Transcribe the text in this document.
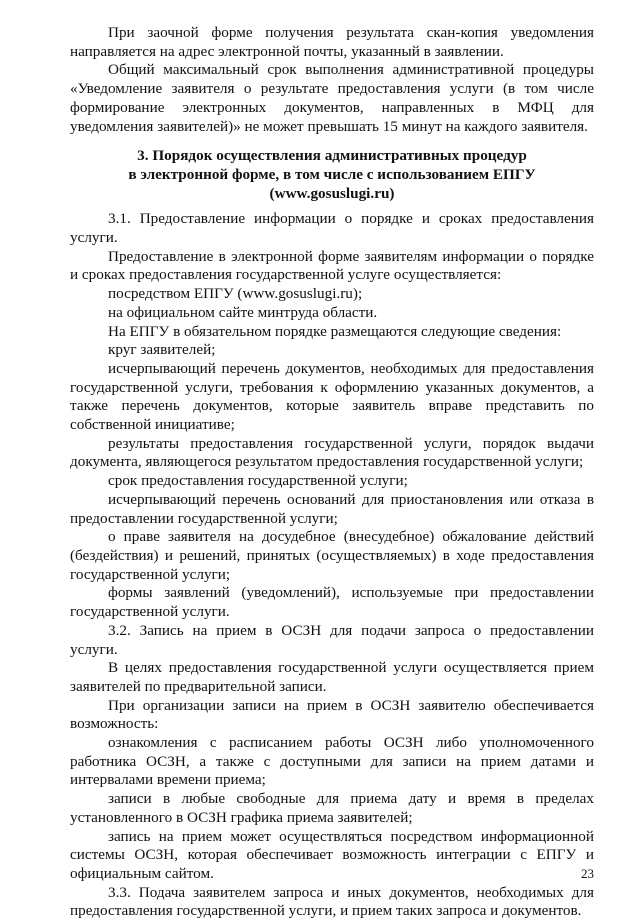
При заочной форме получения результата скан-копия уведомления направляется на адрес электронной почты, указанный в заявлении.

Общий максимальный срок выполнения административной процедуры «Уведомление заявителя о результате предоставления услуги (в том числе формирование электронных документов, направленных в МФЦ для уведомления заявителей)» не может превышать 15 минут на каждого заявителя.

3. Порядок осуществления административных процедур
в электронной форме, в том числе с использованием ЕПГУ
(www.gosuslugi.ru)

3.1. Предоставление информации о порядке и сроках предоставления услуги.

Предоставление в электронной форме заявителям информации о порядке и сроках предоставления государственной услуге осуществляется:

посредством ЕПГУ (www.gosuslugi.ru);

на официальном сайте минтруда области.

На ЕПГУ в обязательном порядке размещаются следующие сведения:

круг заявителей;

исчерпывающий перечень документов, необходимых для предоставления государственной услуги, требования к оформлению указанных документов, а также перечень документов, которые заявитель вправе представить по собственной инициативе;

результаты предоставления государственной услуги, порядок выдачи документа, являющегося результатом предоставления государственной услуги;

срок предоставления государственной услуги;

исчерпывающий перечень оснований для приостановления или отказа в предоставлении государственной услуги;

о праве заявителя на досудебное (внесудебное) обжалование действий (бездействия) и решений, принятых (осуществляемых) в ходе предоставления государственной услуги;

формы заявлений (уведомлений), используемые при предоставлении государственной услуги.

3.2. Запись на прием в ОСЗН для подачи запроса о предоставлении услуги.

В целях предоставления государственной услуги осуществляется прием заявителей по предварительной записи.

При организации записи на прием в ОСЗН заявителю обеспечивается возможность:

ознакомления с расписанием работы ОСЗН либо уполномоченного работника ОСЗН, а также с доступными для записи на прием датами и интервалами времени приема;

записи в любые свободные для приема дату и время в пределах установленного в ОСЗН графика приема заявителей;

запись на прием может осуществляться посредством информационной системы ОСЗН, которая обеспечивает возможность интеграции с ЕПГУ и официальным сайтом.

3.3. Подача заявителем запроса и иных документов, необходимых для предоставления государственной услуги, и прием таких запроса и документов.

23
